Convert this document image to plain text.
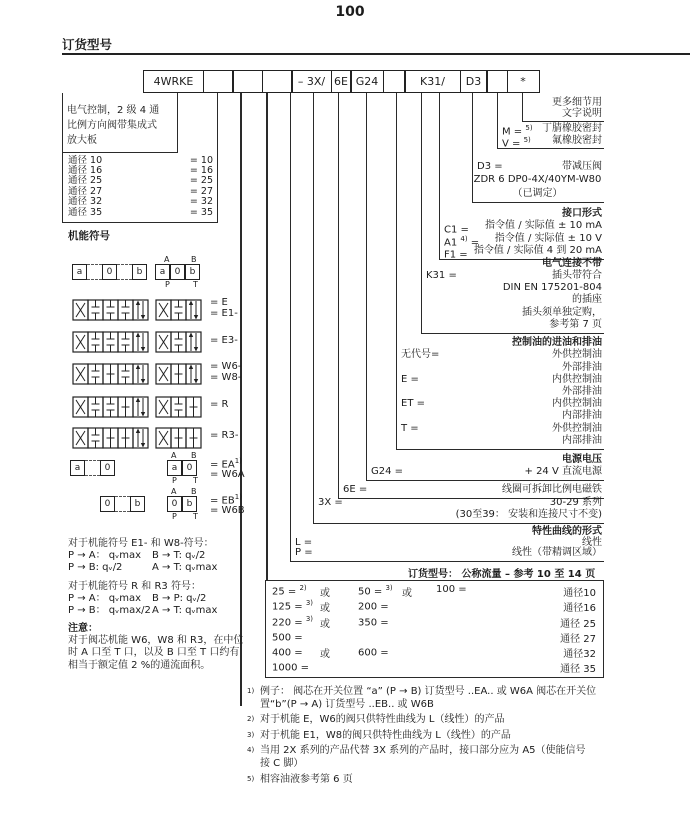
100
订货型号
4WRKE	– 3X/ 6E G24	K31/	D3	*
电气控制，2 级 4 通
比例方向阀带集成式
放大板
通径 10	= 10
通径 16	= 16
通径 25	= 25
通径 27	= 27
通径 32	= 32
通径 35	= 35
机能符号
a	0	b	a	0	b
A	B
P	T
= E
= E1-
= E3-
= W6-
= W8-
= R
= R3-
a	0	a	0
A B
P T
= $EA^{1)}$
= W6A
0	b	0	b
A B
P T
= $EB^{1)}$
= W6B
对于机能符号 E1- 和 W8-符号：
P → A： qᵥmax	B → T: qᵥ/2
P → B: qᵥ/2	A → T: qᵥmax
对于机能符号 R 和 R3 符号：
P → A： qᵥmax	B → P: qᵥ/2
P → B： qᵥmax/2 A → T: qᵥmax
注意：
对于阀芯机能 W6，W8 和 R3，在中位
时 A 口至 T 口，以及 B 口至 T 口约有
相当于额定值 2 %的通流面积。
更多细节用
文字说明
M = $^{5)}$ 丁腈橡胶密封
V = $^{5)}$ 氟橡胶密封
D3 =	带减压阀
ZDR 6 DP0-4X/40YM-W80
（已调定）
接口形式
C1 = 指令值 / 实际值 ± 10 mA
A1 $^{4)}$ = 指令值 / 实际值 ± 10 V
F1 = 指令值 / 实际值 4 到 20 mA
电气连接不带
K31 =	插头带符合
DIN EN 175201-804
的插座
插头须单独定购，
参考第 7 页
控制油的进油和排油
无代号=	外供控制油
外部排油
E =	内供控制油
外部排油
ET =	内供控制油
内部排油
T =	外供控制油
内部排油
电源电压
G24 =	+ 24 V 直流电源
6E =	线圈可拆卸比例电磁铁
3X =	30-29 系列
(30至39： 安装和连接尺寸不变)
特性曲线的形式
L =	线性
P =	线性（带精调区域）
订货型号： 公称流量 – 参考 10 至 14 页
25 = $^{2)}$ 或	50 = $^{3)}$ 或 100 =	通径10
125 = $^{3)}$ 或	200 =	通径16
220 = $^{3)}$ 或	350 =	通径 25
500 =	通径 27
400 = 或	600 =	通径32
1000 =	通径 35
1) 例子： 阀芯在开关位置 “a” (P → B) 订货型号 ..EA.. 或 W6A 阀芯在开关位
置“b”(P → A) 订货型号 ..EB.. 或 W6B
2) 对于机能 E，W6的阀只供特性曲线为 L（线性）的产品
3) 对于机能 E1，W8的阀只供特性曲线为 L（线性）的产品
4) 当用 2X 系列的产品代替 3X 系列的产品时，接口部分应为 A5（使能信号
接 C 脚）
5) 相容油液参考第 6 页
